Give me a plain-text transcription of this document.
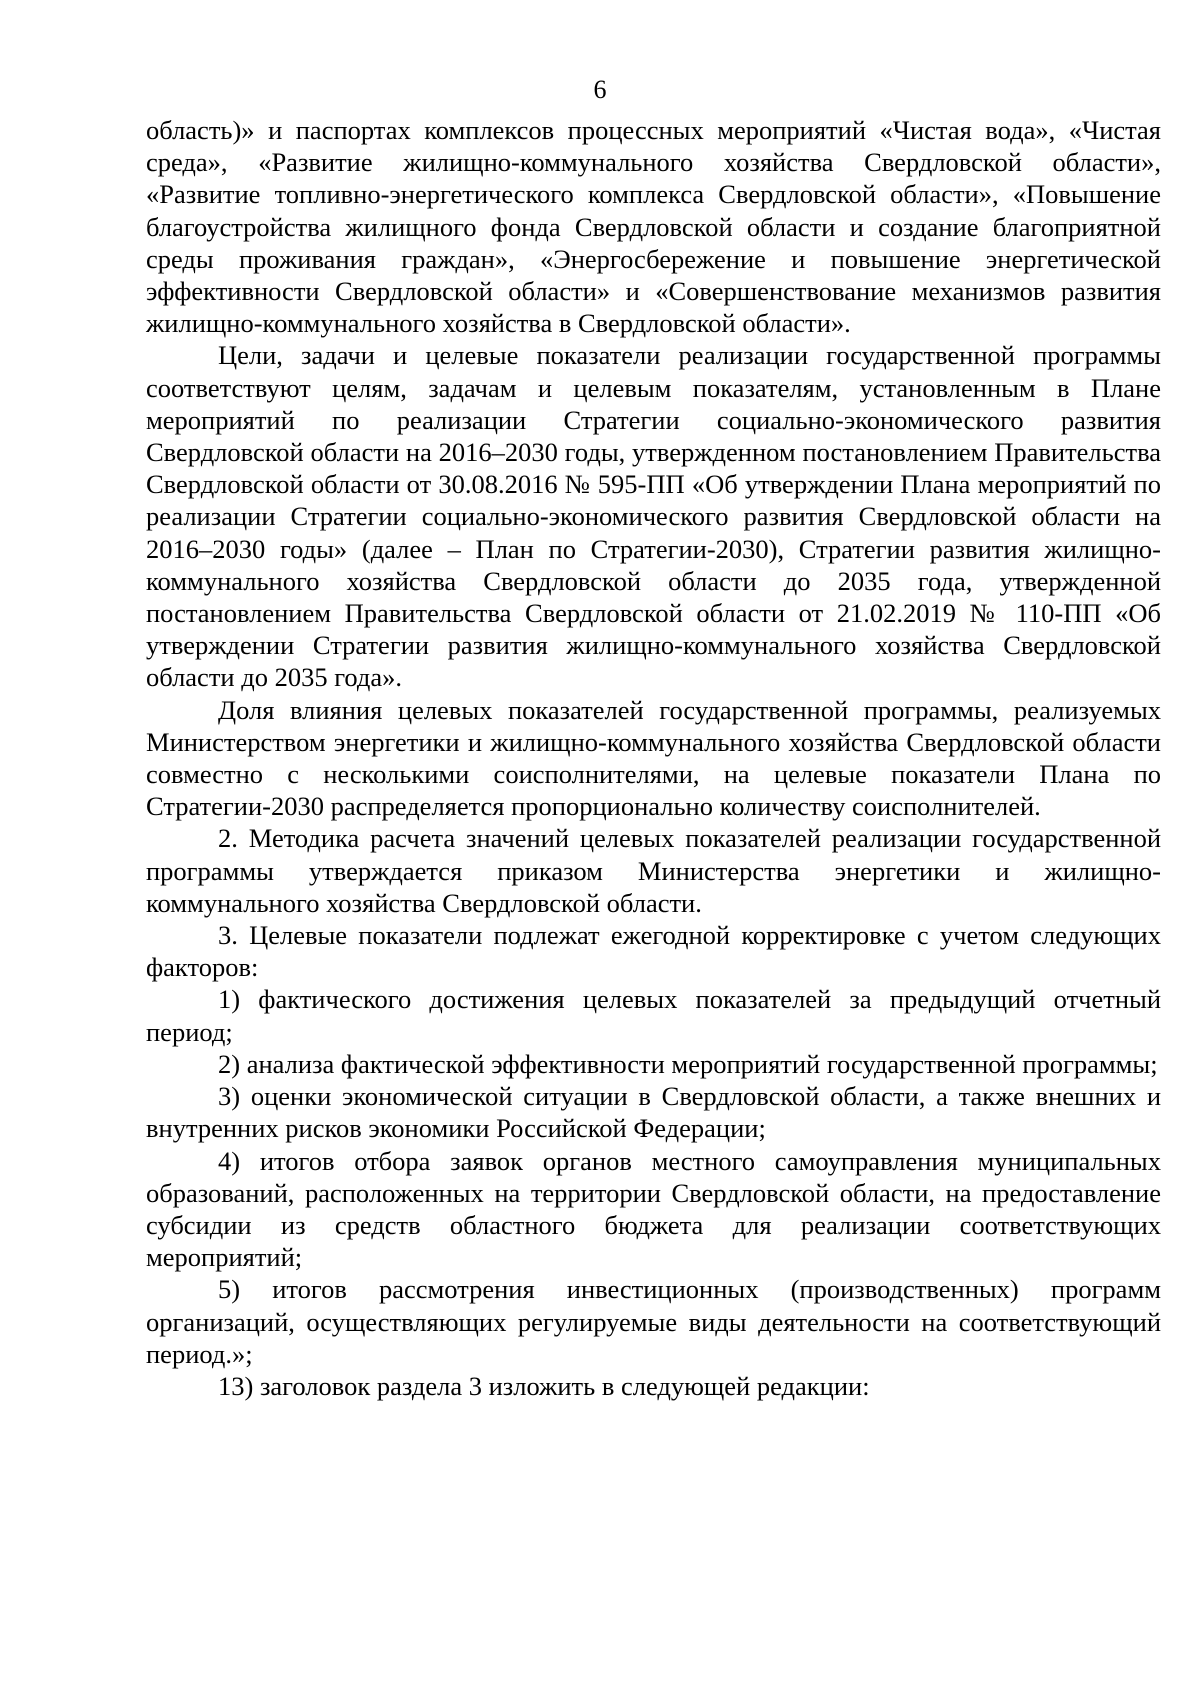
6

область)» и паспортах комплексов процессных мероприятий «Чистая вода», «Чистая среда», «Развитие жилищно-коммунального хозяйства Свердловской области», «Развитие топливно-энергетического комплекса Свердловской области», «Повышение благоустройства жилищного фонда Свердловской области и создание благоприятной среды проживания граждан», «Энергосбережение и повышение энергетической эффективности Свердловской области» и «Совершенствование механизмов развития жилищно-коммунального хозяйства в Свердловской области».

Цели, задачи и целевые показатели реализации государственной программы соответствуют целям, задачам и целевым показателям, установленным в Плане мероприятий по реализации Стратегии социально-экономического развития Свердловской области на 2016–2030 годы, утвержденном постановлением Правительства Свердловской области от 30.08.2016 № 595-ПП «Об утверждении Плана мероприятий по реализации Стратегии социально-экономического развития Свердловской области на 2016–2030 годы» (далее – План по Стратегии-2030), Стратегии развития жилищно-коммунального хозяйства Свердловской области до 2035 года, утвержденной постановлением Правительства Свердловской области от 21.02.2019 № 110-ПП «Об утверждении Стратегии развития жилищно-коммунального хозяйства Свердловской области до 2035 года».

Доля влияния целевых показателей государственной программы, реализуемых Министерством энергетики и жилищно-коммунального хозяйства Свердловской области совместно с несколькими соисполнителями, на целевые показатели Плана по Стратегии-2030 распределяется пропорционально количеству соисполнителей.

2. Методика расчета значений целевых показателей реализации государственной программы утверждается приказом Министерства энергетики и жилищно-коммунального хозяйства Свердловской области.

3. Целевые показатели подлежат ежегодной корректировке с учетом следующих факторов:

1) фактического достижения целевых показателей за предыдущий отчетный период;

2) анализа фактической эффективности мероприятий государственной программы;

3) оценки экономической ситуации в Свердловской области, а также внешних и внутренних рисков экономики Российской Федерации;

4) итогов отбора заявок органов местного самоуправления муниципальных образований, расположенных на территории Свердловской области, на предоставление субсидии из средств областного бюджета для реализации соответствующих мероприятий;

5) итогов рассмотрения инвестиционных (производственных) программ организаций, осуществляющих регулируемые виды деятельности на соответствующий период.»;

13) заголовок раздела 3 изложить в следующей редакции:
